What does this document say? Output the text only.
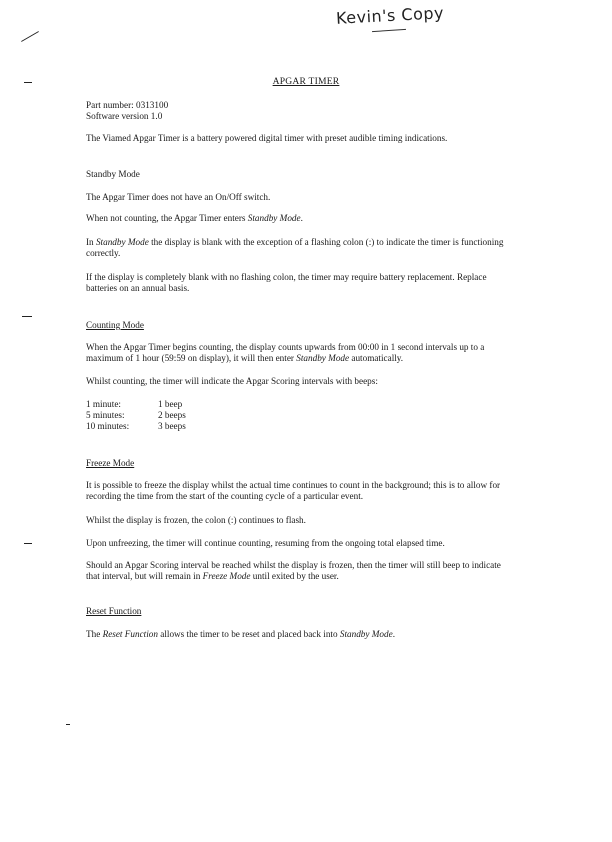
Kevin's Copy
APGAR TIMER
Part number: 0313100
Software version 1.0
The Viamed Apgar Timer is a battery powered digital timer with preset audible timing indications.
Standby Mode
The Apgar Timer does not have an On/Off switch.
When not counting, the Apgar Timer enters Standby Mode.
In Standby Mode the display is blank with the exception of a flashing colon (:) to indicate the timer is functioning correctly.
If the display is completely blank with no flashing colon, the timer may require battery replacement. Replace batteries on an annual basis.
Counting Mode
When the Apgar Timer begins counting, the display counts upwards from 00:00 in 1 second intervals up to a maximum of 1 hour (59:59 on display), it will then enter Standby Mode automatically.
Whilst counting, the timer will indicate the Apgar Scoring intervals with beeps:
1 minute:	1 beep
5 minutes:	2 beeps
10 minutes:	3 beeps
Freeze Mode
It is possible to freeze the display whilst the actual time continues to count in the background; this is to allow for recording the time from the start of the counting cycle of a particular event.
Whilst the display is frozen, the colon (:) continues to flash.
Upon unfreezing, the timer will continue counting, resuming from the ongoing total elapsed time.
Should an Apgar Scoring interval be reached whilst the display is frozen, then the timer will still beep to indicate that interval, but will remain in Freeze Mode until exited by the user.
Reset Function
The Reset Function allows the timer to be reset and placed back into Standby Mode.
